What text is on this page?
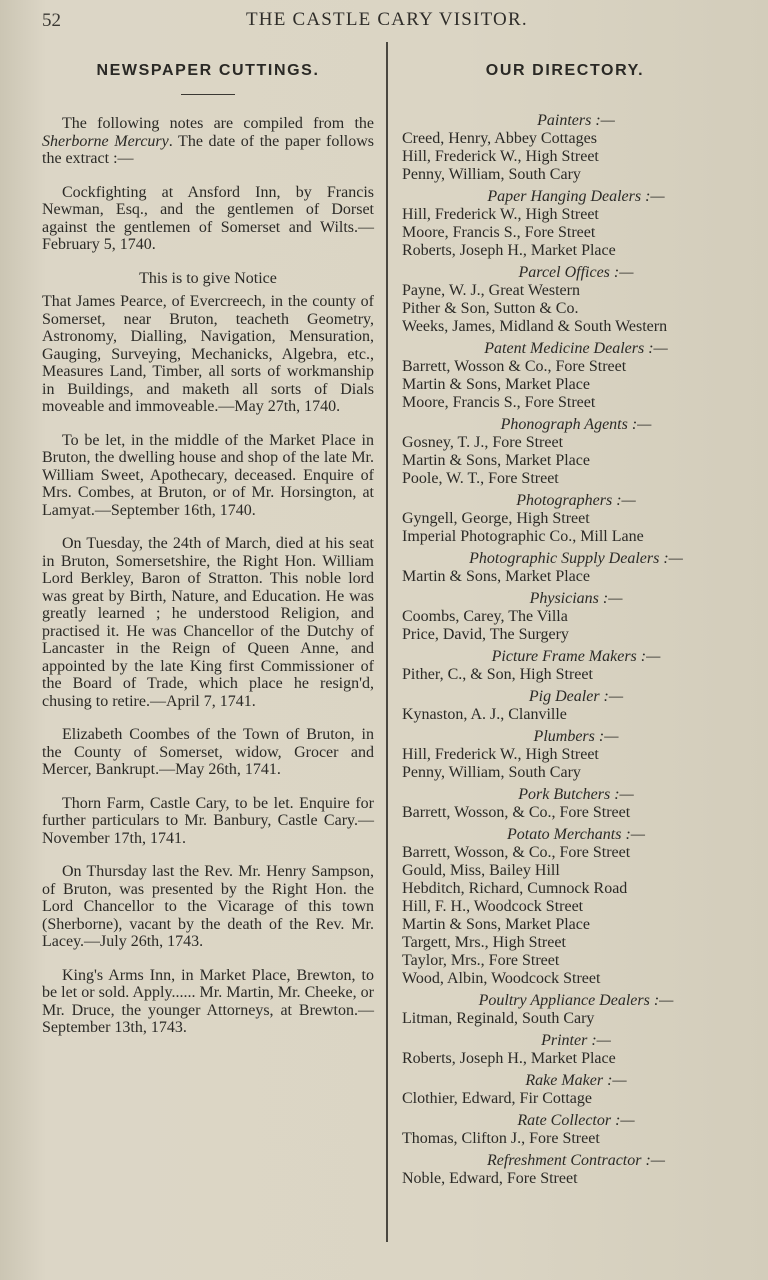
52	THE CASTLE CARY VISITOR.
NEWSPAPER CUTTINGS.

The following notes are compiled from the Sherborne Mercury. The date of the paper follows the extract :—

Cockfighting at Ansford Inn, by Francis Newman, Esq., and the gentlemen of Dorset against the gentlemen of Somerset and Wilts.—February 5, 1740.

This is to give Notice

That James Pearce, of Evercreech, in the county of Somerset, near Bruton, teacheth Geometry, Astronomy, Dialling, Navigation, Mensuration, Gauging, Surveying, Mechanicks, Algebra, etc., Measures Land, Timber, all sorts of workmanship in Buildings, and maketh all sorts of Dials moveable and immoveable.—May 27th, 1740.

To be let, in the middle of the Market Place in Bruton, the dwelling house and shop of the late Mr. William Sweet, Apothecary, deceased. Enquire of Mrs. Combes, at Bruton, or of Mr. Horsington, at Lamyat.—September 16th, 1740.

On Tuesday, the 24th of March, died at his seat in Bruton, Somersetshire, the Right Hon. William Lord Berkley, Baron of Stratton. This noble lord was great by Birth, Nature, and Education. He was greatly learned ; he understood Religion, and practised it. He was Chancellor of the Dutchy of Lancaster in the Reign of Queen Anne, and appointed by the late King first Commissioner of the Board of Trade, which place he resign'd, chusing to retire.—April 7, 1741.

Elizabeth Coombes of the Town of Bruton, in the County of Somerset, widow, Grocer and Mercer, Bankrupt.—May 26th, 1741.

Thorn Farm, Castle Cary, to be let. Enquire for further particulars to Mr. Banbury, Castle Cary.—November 17th, 1741.

On Thursday last the Rev. Mr. Henry Sampson, of Bruton, was presented by the Right Hon. the Lord Chancellor to the Vicarage of this town (Sherborne), vacant by the death of the Rev. Mr. Lacey.—July 26th, 1743.

King's Arms Inn, in Market Place, Brewton, to be let or sold. Apply...... Mr. Martin, Mr. Cheeke, or Mr. Druce, the younger Attorneys, at Brewton.—September 13th, 1743.

OUR DIRECTORY.
Painters :—
Creed, Henry, Abbey Cottages
Hill, Frederick W., High Street
Penny, William, South Cary
Paper Hanging Dealers :—
Hill, Frederick W., High Street
Moore, Francis S., Fore Street
Roberts, Joseph H., Market Place
Parcel Offices :—
Payne, W. J., Great Western
Pither & Son, Sutton & Co.
Weeks, James, Midland & South Western
Patent Medicine Dealers :—
Barrett, Wosson & Co., Fore Street
Martin & Sons, Market Place
Moore, Francis S., Fore Street
Phonograph Agents :—
Gosney, T. J., Fore Street
Martin & Sons, Market Place
Poole, W. T., Fore Street
Photographers :—
Gyngell, George, High Street
Imperial Photographic Co., Mill Lane
Photographic Supply Dealers :—
Martin & Sons, Market Place
Physicians :—
Coombs, Carey, The Villa
Price, David, The Surgery
Picture Frame Makers :—
Pither, C., & Son, High Street
Pig Dealer :—
Kynaston, A. J., Clanville
Plumbers :—
Hill, Frederick W., High Street
Penny, William, South Cary
Pork Butchers :—
Barrett, Wosson, & Co., Fore Street
Potato Merchants :—
Barrett, Wosson, & Co., Fore Street
Gould, Miss, Bailey Hill
Hebditch, Richard, Cumnock Road
Hill, F. H., Woodcock Street
Martin & Sons, Market Place
Targett, Mrs., High Street
Taylor, Mrs., Fore Street
Wood, Albin, Woodcock Street
Poultry Appliance Dealers :—
Litman, Reginald, South Cary
Printer :—
Roberts, Joseph H., Market Place
Rake Maker :—
Clothier, Edward, Fir Cottage
Rate Collector :—
Thomas, Clifton J., Fore Street
Refreshment Contractor :—
Noble, Edward, Fore Street
